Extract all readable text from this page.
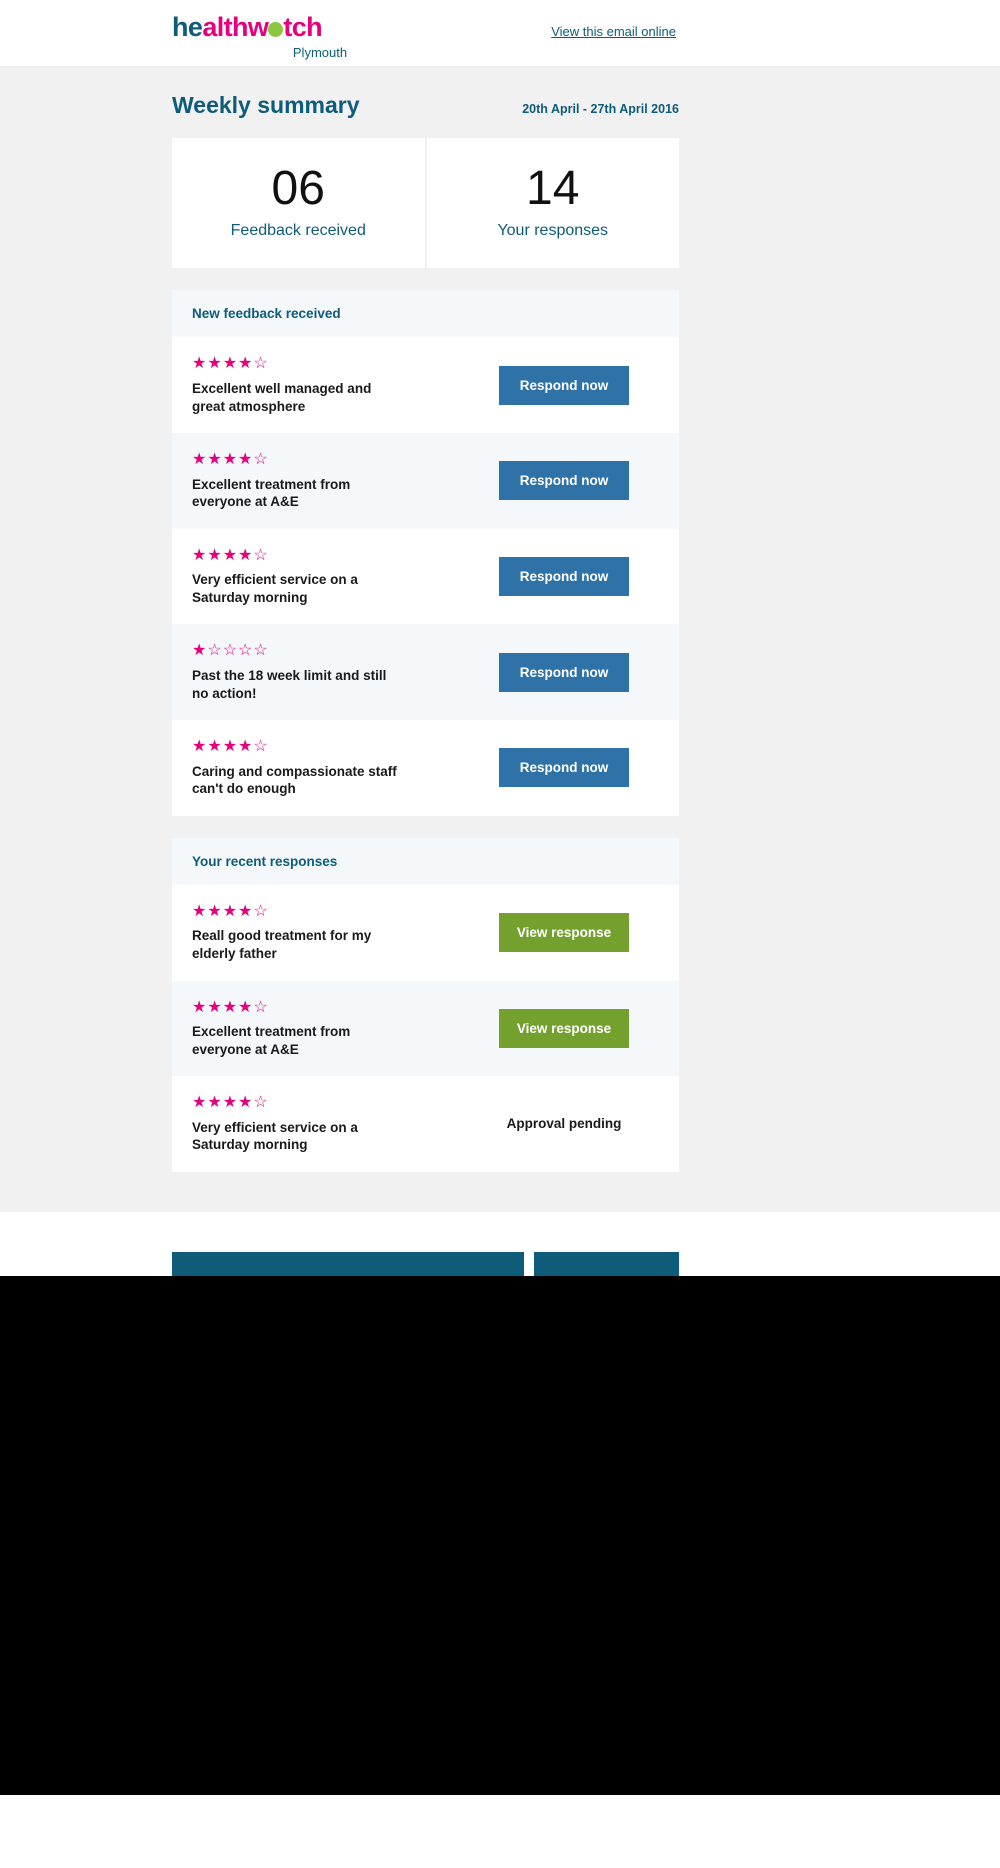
healthw tch
Plymouth
View this email online
Weekly summary	20th April - 27th April 2016
06
Feedback received
14
Your responses
New feedback received
★★★★☆
Excellent well managed and great atmosphere
Respond now
★★★★☆
Excellent treatment from everyone at A&E
Respond now
★★★★☆
Very efficient service on a Saturday morning
Respond now
★☆☆☆☆
Past the 18 week limit and still no action!
Respond now
★★★★☆
Caring and compassionate staff can't do enough
Respond now
Your recent responses
★★★★☆
Reall good treatment for my elderly father
View response
★★★★☆
Excellent treatment from everyone at A&E
View response
★★★★☆
Very efficient service on a Saturday morning
Approval pending
